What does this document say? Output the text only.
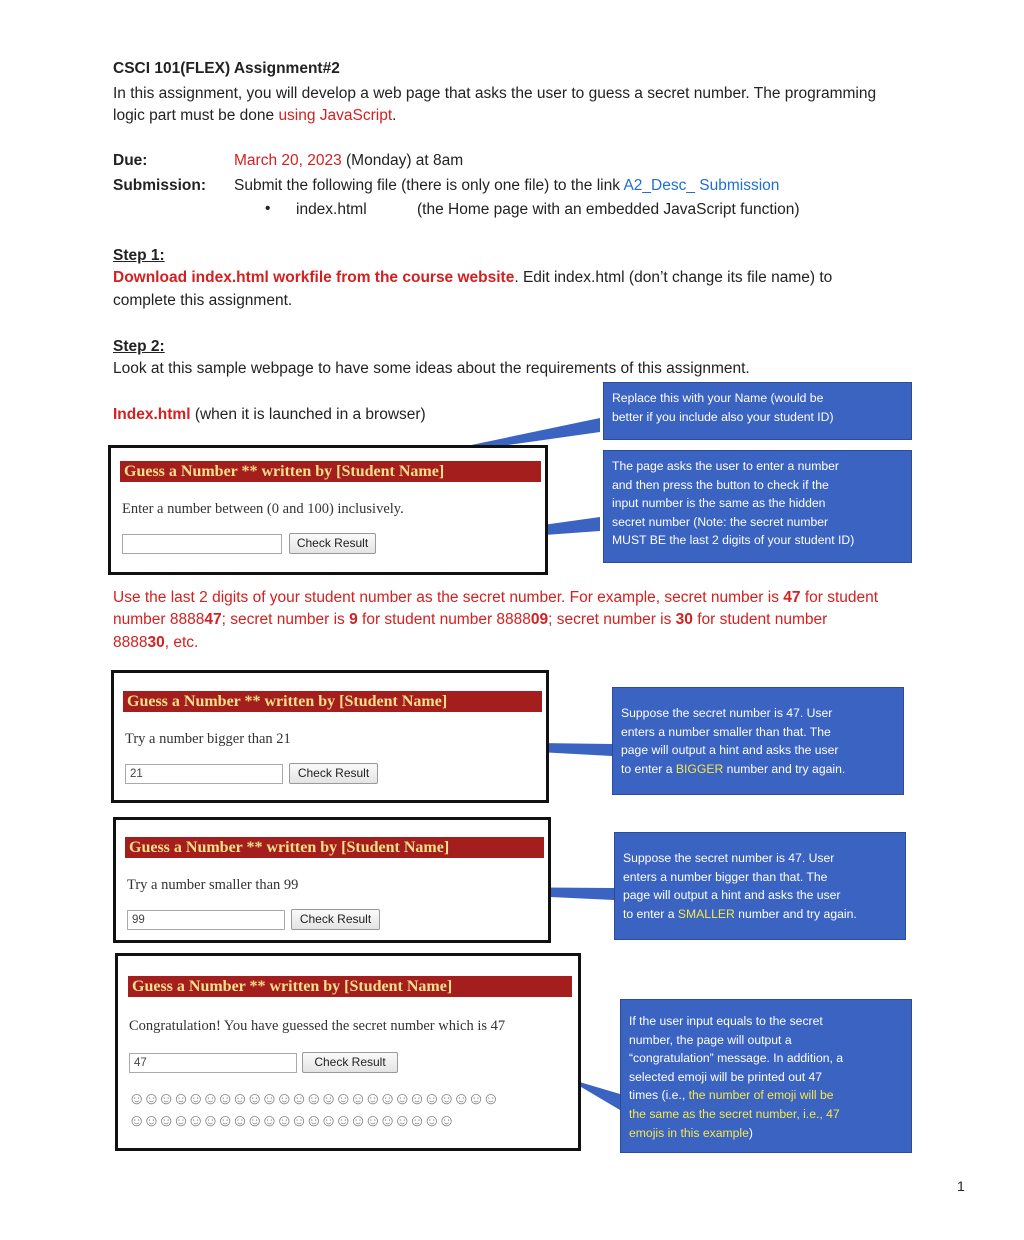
CSCI 101(FLEX) Assignment#2
In this assignment, you will develop a web page that asks the user to guess a secret number. The programming
logic part must be done using JavaScript.
Due:	March 20, 2023 (Monday) at 8am
Submission: Submit the following file (there is only one file) to the link A2_Desc_ Submission
• index.html	(the Home page with an embedded JavaScript function)
Step 1:
Download index.html workfile from the course website. Edit index.html (don’t change its file name) to
complete this assignment.
Step 2:
Look at this sample webpage to have some ideas about the requirements of this assignment.
Index.html (when it is launched in a browser)
Guess a Number ** written by [Student Name]
Enter a number between (0 and 100) inclusively.
Check Result
Replace this with your Name (would be
better if you include also your student ID)
The page asks the user to enter a number
and then press the button to check if the
input number is the same as the hidden
secret number (Note: the secret number
MUST BE the last 2 digits of your student ID)
Use the last 2 digits of your student number as the secret number. For example, secret number is 47 for student
number 888847; secret number is 9 for student number 888809; secret number is 30 for student number
888830, etc.
Guess a Number ** written by [Student Name]
Try a number bigger than 21
21	Check Result
Suppose the secret number is 47. User
enters a number smaller than that. The
page will output a hint and asks the user
to enter a BIGGER number and try again.
Guess a Number ** written by [Student Name]
Try a number smaller than 99
99	Check Result
Suppose the secret number is 47. User
enters a number bigger than that. The
page will output a hint and asks the user
to enter a SMALLER number and try again.
Guess a Number ** written by [Student Name]
Congratulation! You have guessed the secret number which is 47
47	Check Result
☺☺☺☺☺☺☺☺☺☺☺☺☺☺☺☺☺☺☺☺☺☺☺☺☺
☺☺☺☺☺☺☺☺☺☺☺☺☺☺☺☺☺☺☺☺☺☺
If the user input equals to the secret
number, the page will output a
“congratulation” message. In addition, a
selected emoji will be printed out 47
times (i.e., the number of emoji will be
the same as the secret number, i.e., 47
emojis in this example)
1
